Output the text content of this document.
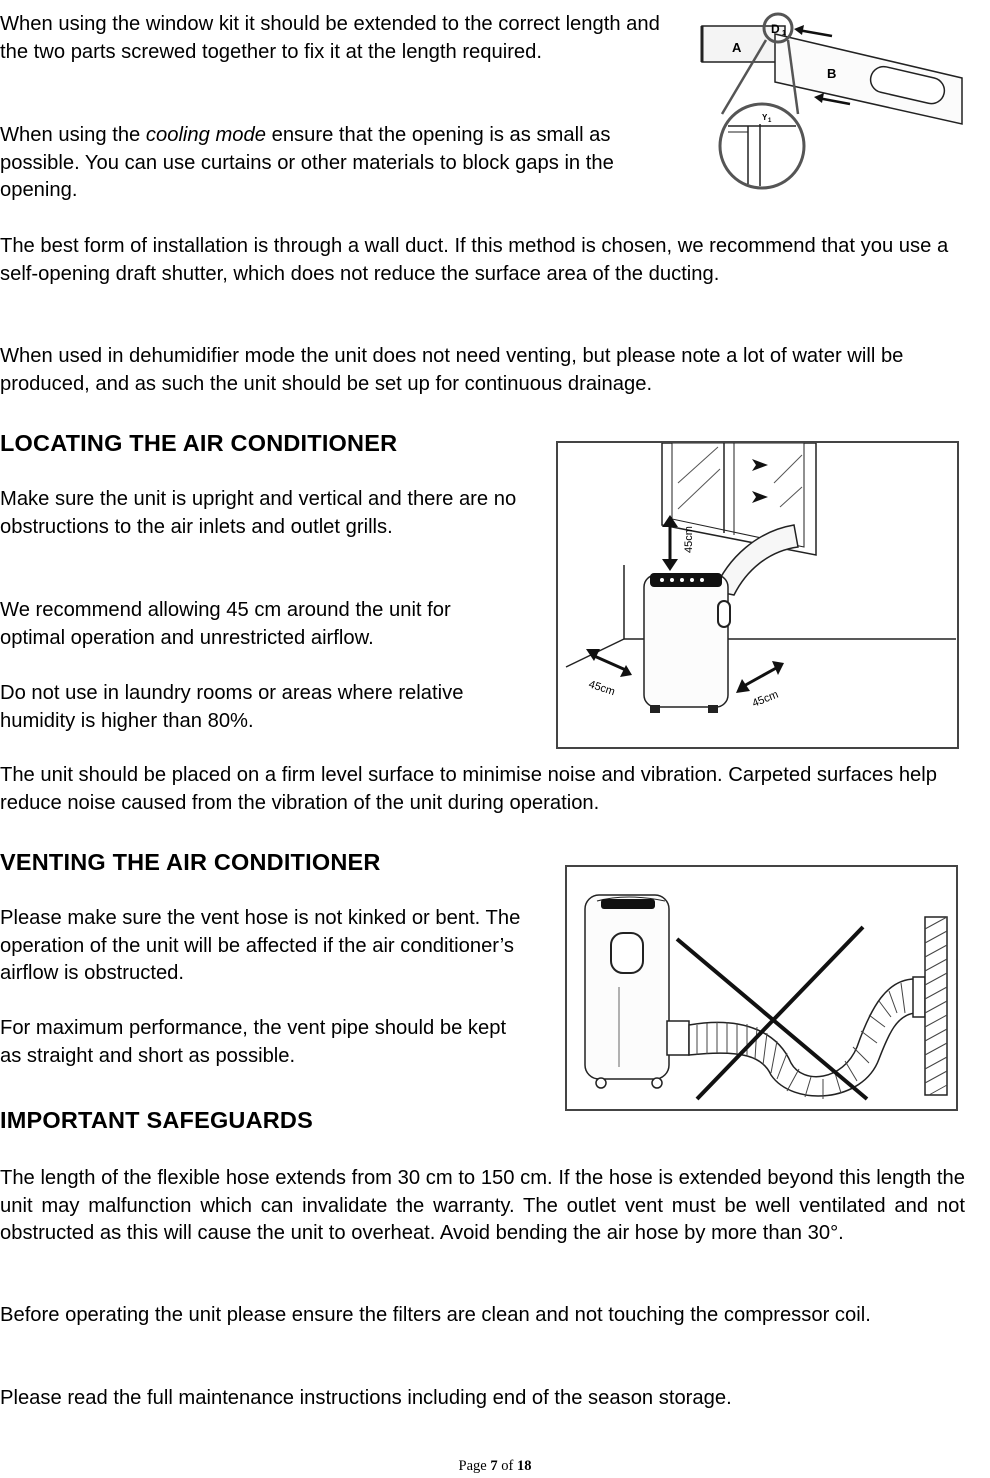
When using the window kit it should be extended to the correct length and the two parts screwed together to fix it at the length required.

When using the cooling mode ensure that the opening is as small as possible. You can use curtains or other materials to block gaps in the opening.

The best form of installation is through a wall duct. If this method is chosen, we recommend that you use a self-opening draft shutter, which does not reduce the surface area of the ducting.

When used in dehumidifier mode the unit does not need venting, but please note a lot of water will be produced, and as such the unit should be set up for continuous drainage.

A
B
D 1
Y 1
LOCATING THE AIR CONDITIONER

Make sure the unit is upright and vertical and there are no obstructions to the air inlets and outlet grills.

We recommend allowing 45 cm around the unit for optimal operation and unrestricted airflow.

Do not use in laundry rooms or areas where relative humidity is higher than 80%.

The unit should be placed on a firm level surface to minimise noise and vibration. Carpeted surfaces help reduce noise caused from the vibration of the unit during operation.

45cm
45cm
45cm
VENTING THE AIR CONDITIONER

Please make sure the vent hose is not kinked or bent. The operation of the unit will be affected if the air conditioner’s airflow is obstructed.

For maximum performance, the vent pipe should be kept as straight and short as possible.

IMPORTANT SAFEGUARDS

The length of the flexible hose extends from 30 cm to 150 cm. If the hose is extended beyond this length the unit may malfunction which can invalidate the warranty. The outlet vent must be well ventilated and not obstructed as this will cause the unit to overheat. Avoid bending the air hose by more than 30°.

Before operating the unit please ensure the filters are clean and not touching the compressor coil.

Please read the full maintenance instructions including end of the season storage.

Page 7 of 18
